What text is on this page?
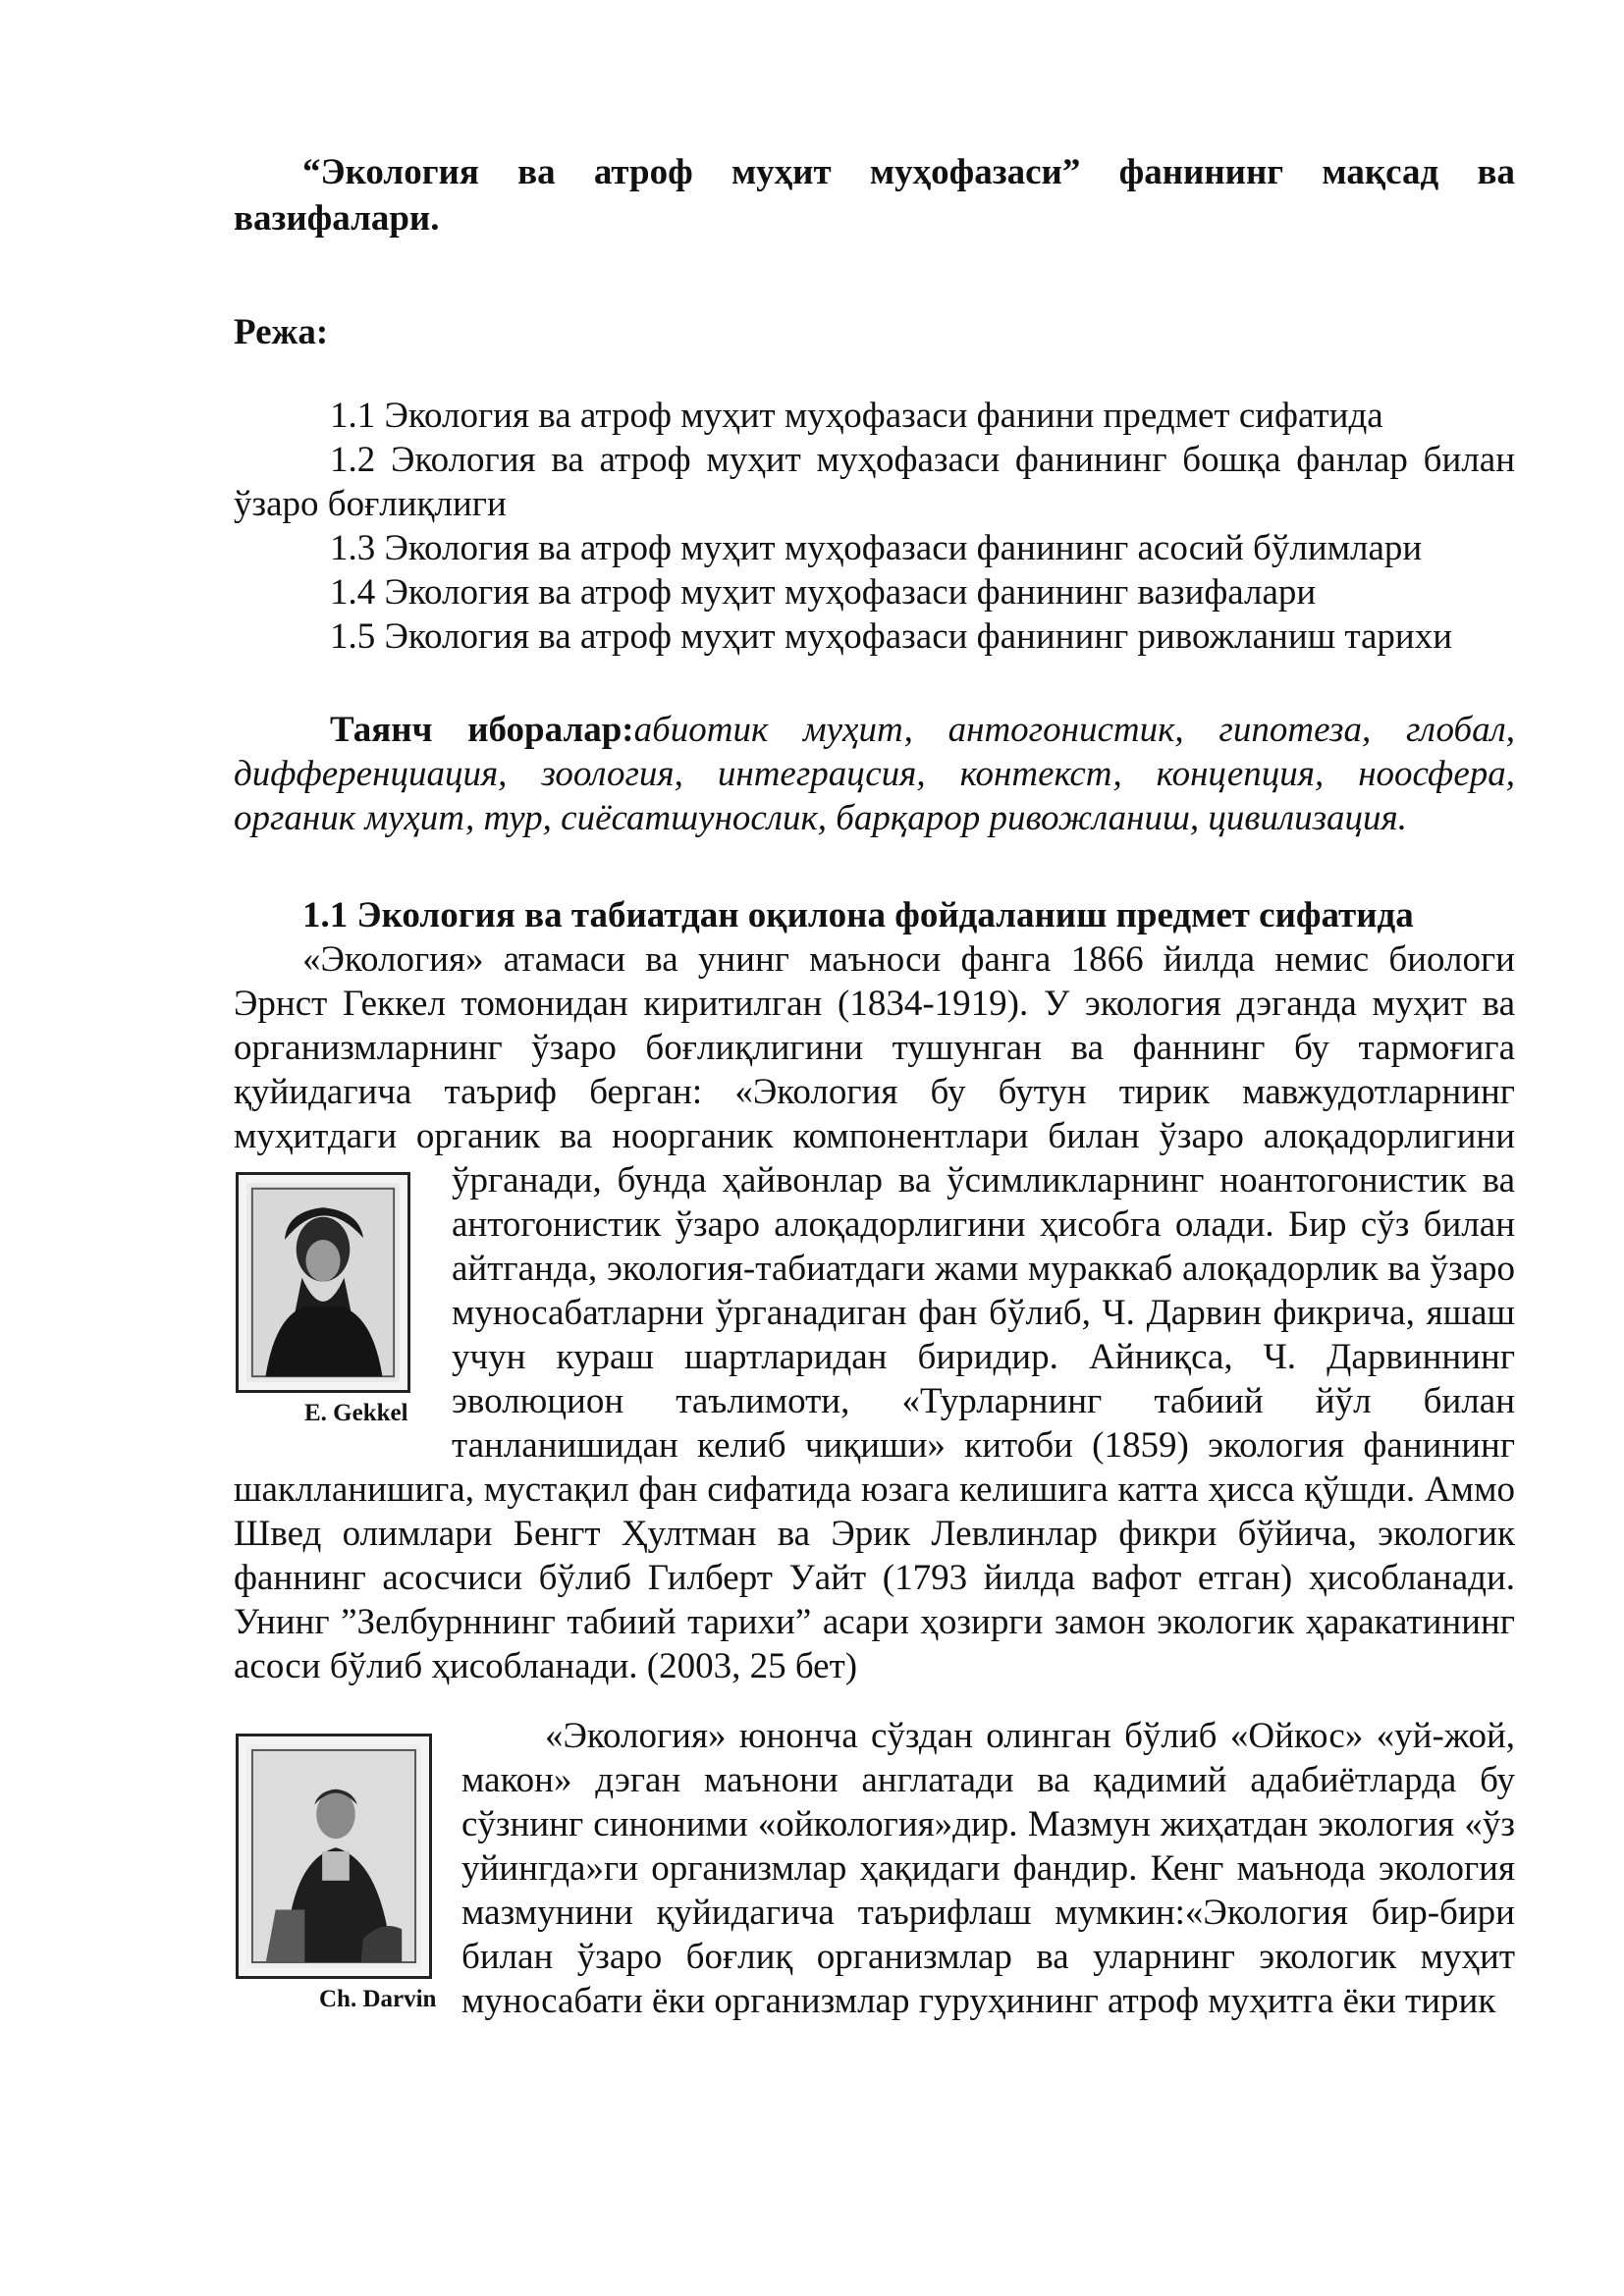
“Экология ва атроф муҳит муҳофазаси” фанининг мақсад ва вазифалари.

Режа:

1.1 Экология ва атроф муҳит муҳофазаси фанини предмет сифатида

1.2 Экология ва атроф муҳит муҳофазаси фанининг бошқа фанлар билан ўзаро боғлиқлиги

1.3 Экология ва атроф муҳит муҳофазаси фанининг асосий бўлимлари

1.4 Экология ва атроф муҳит муҳофазаси фанининг вазифалари

1.5 Экология ва атроф муҳит муҳофазаси фанининг ривожланиш тарихи

Таянч иборалар:абиотик муҳит, антогонистик, гипотеза, глобал, дифференциация, зоология, интеграцсия, контекст, концепция, ноосфера, органик муҳит, тур, сиёсатшунослик, барқарор ривожланиш, цивилизация.

1.1 Экология ва табиатдан оқилона фойдаланиш предмет сифатида

«Экология» атамаси ва унинг маъноси фанга 1866 йилда немис биологи Эрнст Геккел томонидан киритилган (1834-1919). У экология дэганда муҳит ва организмларнинг ўзаро боғлиқлигини тушунган ва фаннинг бу тармоғига қуйидагича таъриф берган: «Экология бу бутун тирик мавжудотларнинг муҳитдаги органик ва ноорганик компонентлари билан ўзаро алоқадорлигини
E. Gekkel
ўрганади, бунда ҳайвонлар ва ўсимликларнинг ноантогонистик ва антогонистик ўзаро алоқадорлигини ҳисобга олади. Бир сўз билан айтганда, экология-табиатдаги жами мураккаб алоқадорлик ва ўзаро муносабатларни ўрганадиган фан бўлиб, Ч. Дарвин фикрича, яшаш учун кураш шартларидан биридир. Айниқса, Ч. Дарвиннинг эволюцион таълимоти, «Турларнинг табиий йўл билан танланишидан келиб чиқиши» китоби (1859) экология фанининг шаклланишига, мустақил фан сифатида юзага келишига катта ҳисса қўшди. Аммо Швед олимлари Бенгт Ҳултман ва Эрик Левлинлар фикри бўйича, экологик фаннинг асосчиси бўлиб Гилберт Уайт (1793 йилда вафот етган) ҳисобланади. Унинг ”Зелбурннинг табиий тарихи” асари ҳозирги замон экологик ҳаракатининг асоси бўлиб ҳисобланади. (2003, 25 бет)
Ch. Darvin
«Экология» юнонча сўздан олинган бўлиб «Ойкос» «уй-жой, макон» дэган маънони англатади ва қадимий адабиётларда бу сўзнинг синоними «ойкология»дир. Мазмун жиҳатдан экология «ўз уйингда»ги организмлар ҳақидаги фандир. Кенг маънода экология мазмунини қуйидагича таърифлаш мумкин:«Экология бир-бири билан ўзаро боғлиқ организмлар ва уларнинг экологик муҳит муносабати ёки организмлар гуруҳининг атроф муҳитга ёки тирик
